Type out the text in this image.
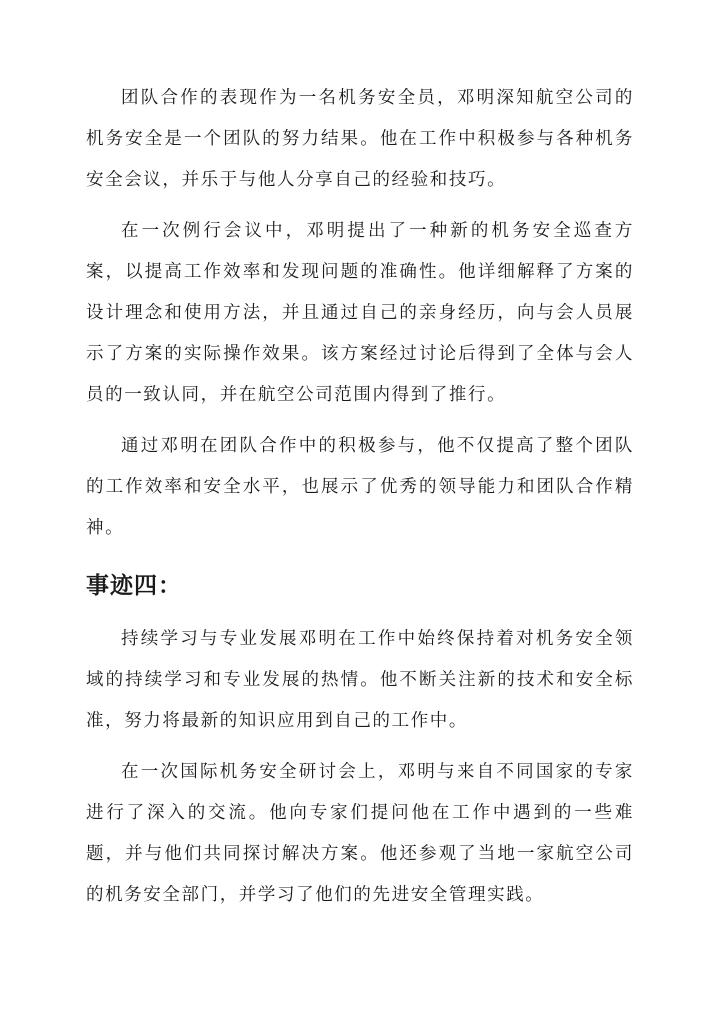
团队合作的表现作为一名机务安全员，邓明深知航空公司的机务安全是一个团队的努力结果。他在工作中积极参与各种机务安全会议，并乐于与他人分享自己的经验和技巧。

在一次例行会议中，邓明提出了一种新的机务安全巡查方案，以提高工作效率和发现问题的准确性。他详细解释了方案的设计理念和使用方法，并且通过自己的亲身经历，向与会人员展示了方案的实际操作效果。该方案经过讨论后得到了全体与会人员的一致认同，并在航空公司范围内得到了推行。

通过邓明在团队合作中的积极参与，他不仅提高了整个团队的工作效率和安全水平，也展示了优秀的领导能力和团队合作精神。

事迹四：

持续学习与专业发展邓明在工作中始终保持着对机务安全领域的持续学习和专业发展的热情。他不断关注新的技术和安全标准，努力将最新的知识应用到自己的工作中。

在一次国际机务安全研讨会上，邓明与来自不同国家的专家进行了深入的交流。他向专家们提问他在工作中遇到的一些难题，并与他们共同探讨解决方案。他还参观了当地一家航空公司的机务安全部门，并学习了他们的先进安全管理实践。
